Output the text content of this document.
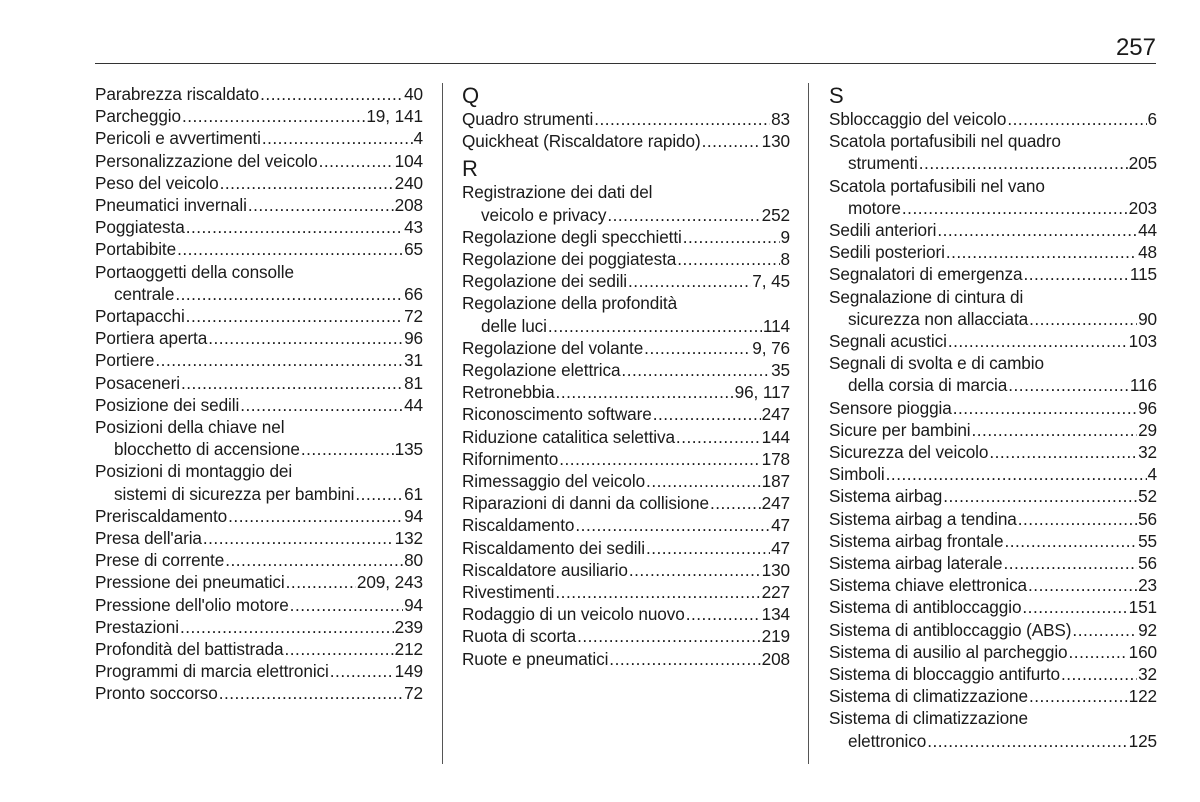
257
Parabrezza riscaldato .....	40
Parcheggio .....	19, 141
Pericoli e avvertimenti .....	4
Personalizzazione del veicolo .....	104
Peso del veicolo .....	240
Pneumatici invernali .....	208
Poggiatesta .....	43
Portabibite .....	65
Portaoggetti della consolle
centrale .....	66
Portapacchi .....	72
Portiera aperta .....	96
Portiere .....	31
Posaceneri .....	81
Posizione dei sedili .....	44
Posizioni della chiave nel
blocchetto di accensione .....	135
Posizioni di montaggio dei
sistemi di sicurezza per bambini .....	61
Preriscaldamento .....	94
Presa dell'aria .....	132
Prese di corrente .....	80
Pressione dei pneumatici .....	209, 243
Pressione dell'olio motore .....	94
Prestazioni .....	239
Profondità del battistrada .....	212
Programmi di marcia elettronici .....	149
Pronto soccorso .....	72
Q
Quadro strumenti .....	83
Quickheat (Riscaldatore rapido) .....	130
R
Registrazione dei dati del
veicolo e privacy .....	252
Regolazione degli specchietti .....	9
Regolazione dei poggiatesta .....	8
Regolazione dei sedili .....	7, 45
Regolazione della profondità
delle luci .....	114
Regolazione del volante .....	9, 76
Regolazione elettrica .....	35
Retronebbia .....	96, 117
Riconoscimento software .....	247
Riduzione catalitica selettiva .....	144
Rifornimento .....	178
Rimessaggio del veicolo .....	187
Riparazioni di danni da collisione .....	247
Riscaldamento .....	47
Riscaldamento dei sedili .....	47
Riscaldatore ausiliario .....	130
Rivestimenti .....	227
Rodaggio di un veicolo nuovo .....	134
Ruota di scorta .....	219
Ruote e pneumatici .....	208
S
Sbloccaggio del veicolo .....	6
Scatola portafusibili nel quadro
strumenti .....	205
Scatola portafusibili nel vano
motore .....	203
Sedili anteriori .....	44
Sedili posteriori .....	48
Segnalatori di emergenza .....	115
Segnalazione di cintura di
sicurezza non allacciata .....	90
Segnali acustici .....	103
Segnali di svolta e di cambio
della corsia di marcia .....	116
Sensore pioggia .....	96
Sicure per bambini .....	29
Sicurezza del veicolo .....	32
Simboli .....	4
Sistema airbag .....	52
Sistema airbag a tendina .....	56
Sistema airbag frontale .....	55
Sistema airbag laterale .....	56
Sistema chiave elettronica .....	23
Sistema di antibloccaggio .....	151
Sistema di antibloccaggio (ABS) .....	92
Sistema di ausilio al parcheggio .....	160
Sistema di bloccaggio antifurto .....	32
Sistema di climatizzazione .....	122
Sistema di climatizzazione
elettronico .....	125
